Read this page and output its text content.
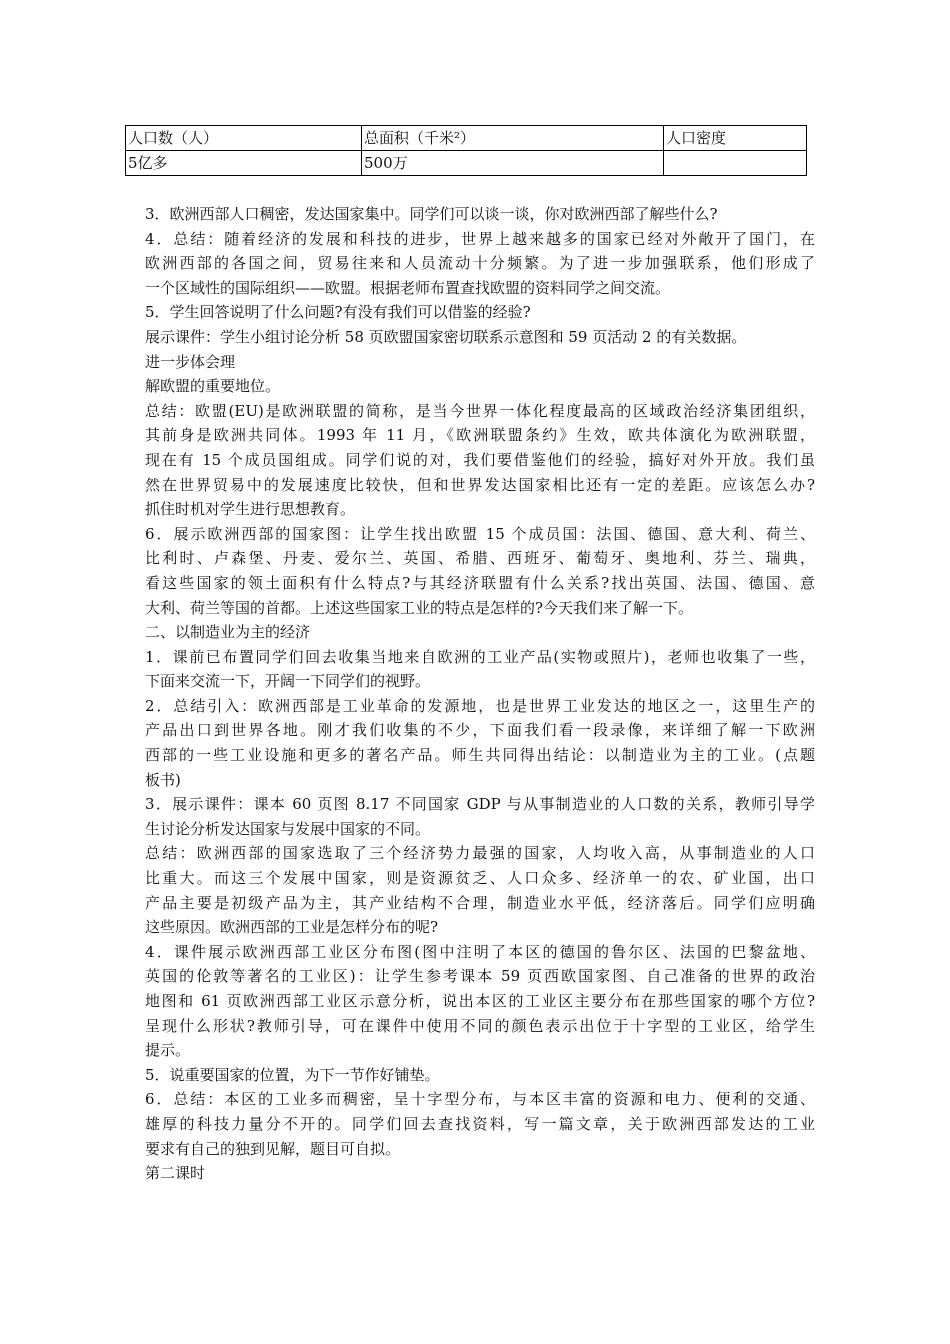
人口数（人）	总面积（千米²）	人口密度
5亿多	500万	
3．欧洲西部人口稠密，发达国家集中。同学们可以谈一谈，你对欧洲西部了解些什么?
4．总结：随着经济的发展和科技的进步，世界上越来越多的国家已经对外敞开了国门，在
欧洲西部的各国之间，贸易往来和人员流动十分频繁。为了进一步加强联系，他们形成了
一个区域性的国际组织——欧盟。根据老师布置查找欧盟的资料同学之间交流。
5．学生回答说明了什么问题?有没有我们可以借鉴的经验?
展示课件：学生小组讨论分析 58 页欧盟国家密切联系示意图和 59 页活动 2 的有关数据。
进一步体会理
解欧盟的重要地位。
总结：欧盟(EU)是欧洲联盟的简称，是当今世界一体化程度最高的区域政治经济集团组织，
其前身是欧洲共同体。1993 年 11 月，《欧洲联盟条约》生效，欧共体演化为欧洲联盟，
现在有 15 个成员国组成。同学们说的对，我们要借鉴他们的经验，搞好对外开放。我们虽
然在世界贸易中的发展速度比较快，但和世界发达国家相比还有一定的差距。应该怎么办?
抓住时机对学生进行思想教育。
6．展示欧洲西部的国家图：让学生找出欧盟 15 个成员国：法国、德国、意大利、荷兰、
比利时、卢森堡、丹麦、爱尔兰、英国、希腊、西班牙、葡萄牙、奥地利、芬兰、瑞典，
看这些国家的领土面积有什么特点?与其经济联盟有什么关系?找出英国、法国、德国、意
大利、荷兰等国的首都。上述这些国家工业的特点是怎样的?今天我们来了解一下。
二、以制造业为主的经济
1．课前已布置同学们回去收集当地来自欧洲的工业产品(实物或照片)，老师也收集了一些，
下面来交流一下，开阔一下同学们的视野。
2．总结引入：欧洲西部是工业革命的发源地，也是世界工业发达的地区之一，这里生产的
产品出口到世界各地。刚才我们收集的不少，下面我们看一段录像，来详细了解一下欧洲
西部的一些工业设施和更多的著名产品。师生共同得出结论：以制造业为主的工业。(点题
板书)
3．展示课件：课本 60 页图 8.17 不同国家 GDP 与从事制造业的人口数的关系，教师引导学
生讨论分析发达国家与发展中国家的不同。
总结：欧洲西部的国家选取了三个经济势力最强的国家，人均收入高，从事制造业的人口
比重大。而这三个发展中国家，则是资源贫乏、人口众多、经济单一的农、矿业国，出口
产品主要是初级产品为主，其产业结构不合理，制造业水平低，经济落后。同学们应明确
这些原因。欧洲西部的工业是怎样分布的呢?
4．课件展示欧洲西部工业区分布图(图中注明了本区的德国的鲁尔区、法国的巴黎盆地、
英国的伦敦等著名的工业区)：让学生参考课本 59 页西欧国家图、自己准备的世界的政治
地图和 61 页欧洲西部工业区示意分析，说出本区的工业区主要分布在那些国家的哪个方位?
呈现什么形状?教师引导，可在课件中使用不同的颜色表示出位于十字型的工业区，给学生
提示。
5．说重要国家的位置，为下一节作好铺垫。
6．总结：本区的工业多而稠密，呈十字型分布，与本区丰富的资源和电力、便利的交通、
雄厚的科技力量分不开的。同学们回去查找资料，写一篇文章，关于欧洲西部发达的工业
要求有自己的独到见解，题目可自拟。
第二课时
